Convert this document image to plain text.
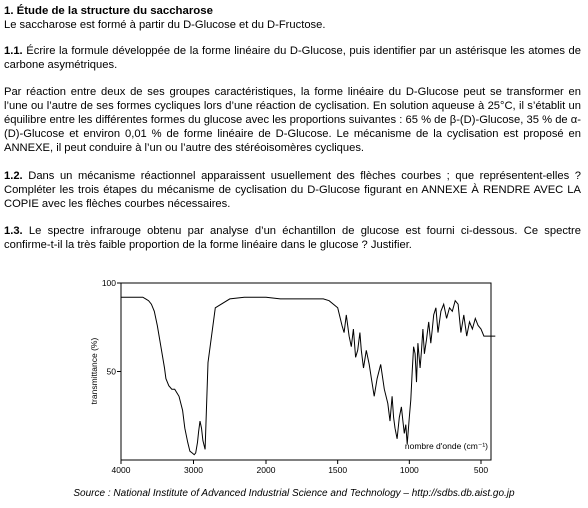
1. Étude de la structure du saccharose

Le saccharose est formé à partir du D-Glucose et du D-Fructose.

1.1. Écrire la formule développée de la forme linéaire du D-Glucose, puis identifier par un astérisque les atomes de carbone asymétriques.

Par réaction entre deux de ses groupes caractéristiques, la forme linéaire du D-Glucose peut se transformer en l’une ou l’autre de ses formes cycliques lors d’une réaction de cyclisation. En solution aqueuse à 25°C, il s’établit un équilibre entre les différentes formes du glucose avec les proportions suivantes : 65 % de β-(D)-Glucose, 35 % de α-(D)-Glucose et environ 0,01 % de forme linéaire de D-Glucose. Le mécanisme de la cyclisation est proposé en ANNEXE, il peut conduire à l’un ou l’autre des stéréoisomères cycliques.

1.2. Dans un mécanisme réactionnel apparaissent usuellement des flèches courbes ; que représentent-elles ? Compléter les trois étapes du mécanisme de cyclisation du D-Glucose figurant en ANNEXE À RENDRE AVEC LA COPIE avec les flèches courbes nécessaires.

1.3. Le spectre infrarouge obtenu par analyse d’un échantillon de glucose est fourni ci-dessous. Ce spectre confirme-t-il la très faible proportion de la forme linéaire dans le glucose ? Justifier.

4000	3000	2000	1500	1000	500
100
50
transmittance (%)
nombre d'onde (cm⁻¹)
Source : National Institute of Advanced Industrial Science and Technology – http://sdbs.db.aist.go.jp
